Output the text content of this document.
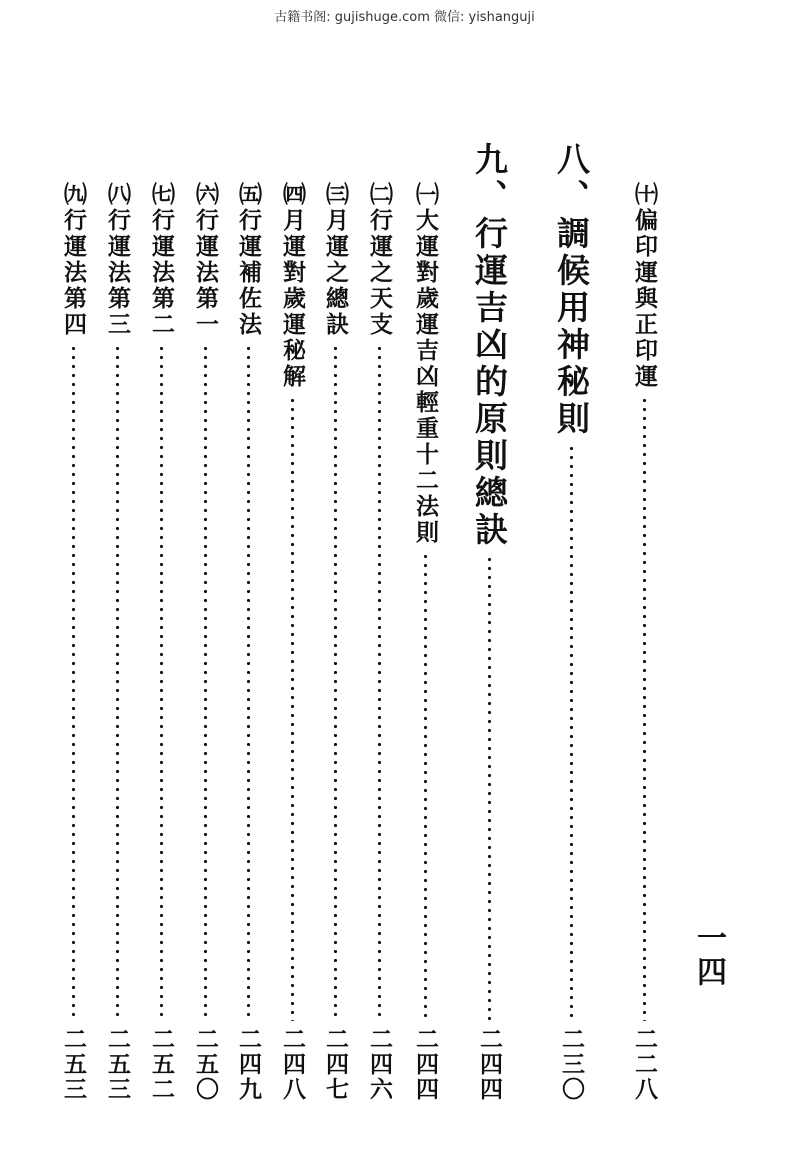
古籍书阁: gujishuge.com 微信: yishanguji
㈩偏印運與正印運
二二八
八、調候用神秘則
二三〇
九、行運吉凶的原則總訣
二四四
㈠大運對歲運吉凶輕重十二法則
二四四
㈡行運之天支
二四六
㈢月運之總訣
二四七
㈣月運對歲運秘解
二四八
㈤行運補佐法
二四九
㈥行運法第一
二五〇
㈦行運法第二
二五二
㈧行運法第三
二五三
㈨行運法第四
二五三
一四
